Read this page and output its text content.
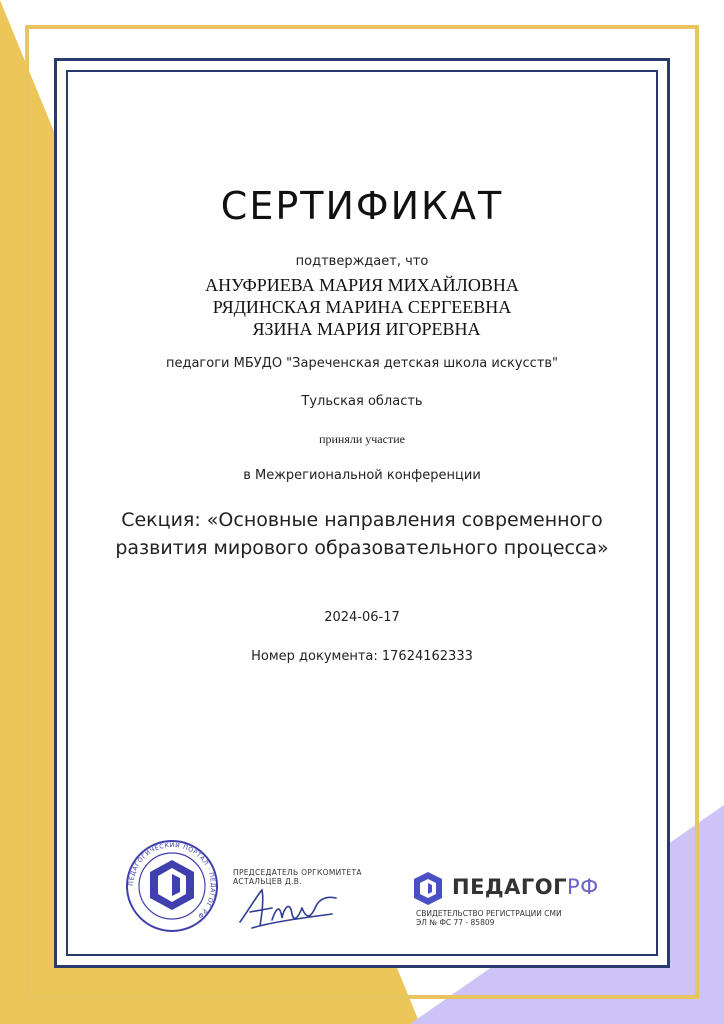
СЕРТИФИКАТ
подтверждает, что
АНУФРИЕВА МАРИЯ МИХАЙЛОВНА
РЯДИНСКАЯ МАРИНА СЕРГЕЕВНА
ЯЗИНА МАРИЯ ИГОРЕВНА
педагоги МБУДО "Зареченская детская школа искусств"
Тульская область
приняли участие
в Межрегиональной конференции
Секция: «Основные направления современного
развития мирового образовательного процесса»
2024-06-17
Номер документа: 17624162333
ПЕДАГОГИЧЕСКИЙ ПОРТАЛ · ПЕДАГОГ РФ
ПРЕДСЕДАТЕЛЬ ОРГКОМИТЕТА
АСТАЛЬЦЕВ Д.В.	ПЕДАГОГРФ
СВИДЕТЕЛЬСТВО РЕГИСТРАЦИИ СМИ
ЭЛ № ФС 77 - 85809
